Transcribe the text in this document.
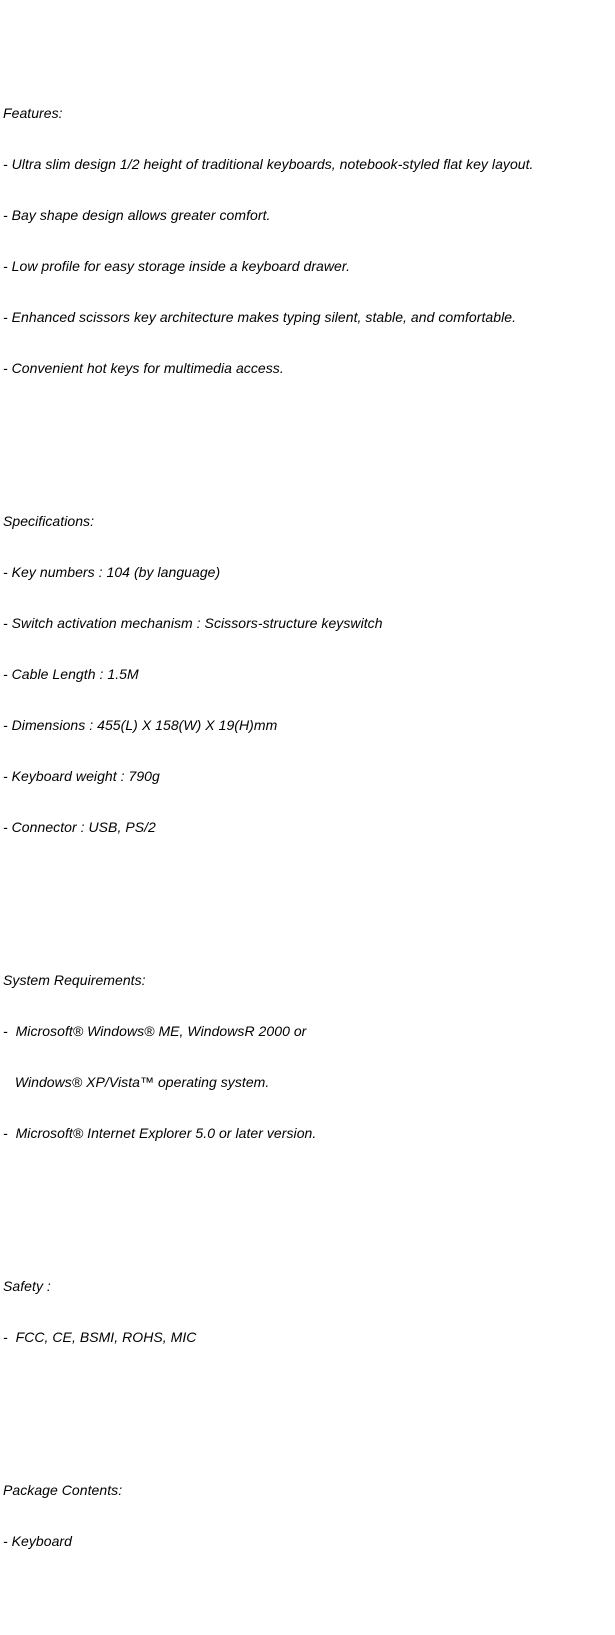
Features:

- Ultra slim design 1/2 height of traditional keyboards, notebook-styled flat key layout.

- Bay shape design allows greater comfort.

- Low profile for easy storage inside a keyboard drawer.

- Enhanced scissors key architecture makes typing silent, stable, and comfortable.

- Convenient hot keys for multimedia access.

Specifications:

- Key numbers : 104 (by language)

- Switch activation mechanism : Scissors-structure keyswitch

- Cable Length : 1.5M

- Dimensions : 455(L) X 158(W) X 19(H)mm

- Keyboard weight : 790g

- Connector : USB, PS/2

System Requirements:

-  Microsoft® Windows® ME, WindowsR 2000 or

Windows® XP/Vista™ operating system.

-  Microsoft® Internet Explorer 5.0 or later version.

Safety :

-  FCC, CE, BSMI, ROHS, MIC

Package Contents:

- Keyboard
